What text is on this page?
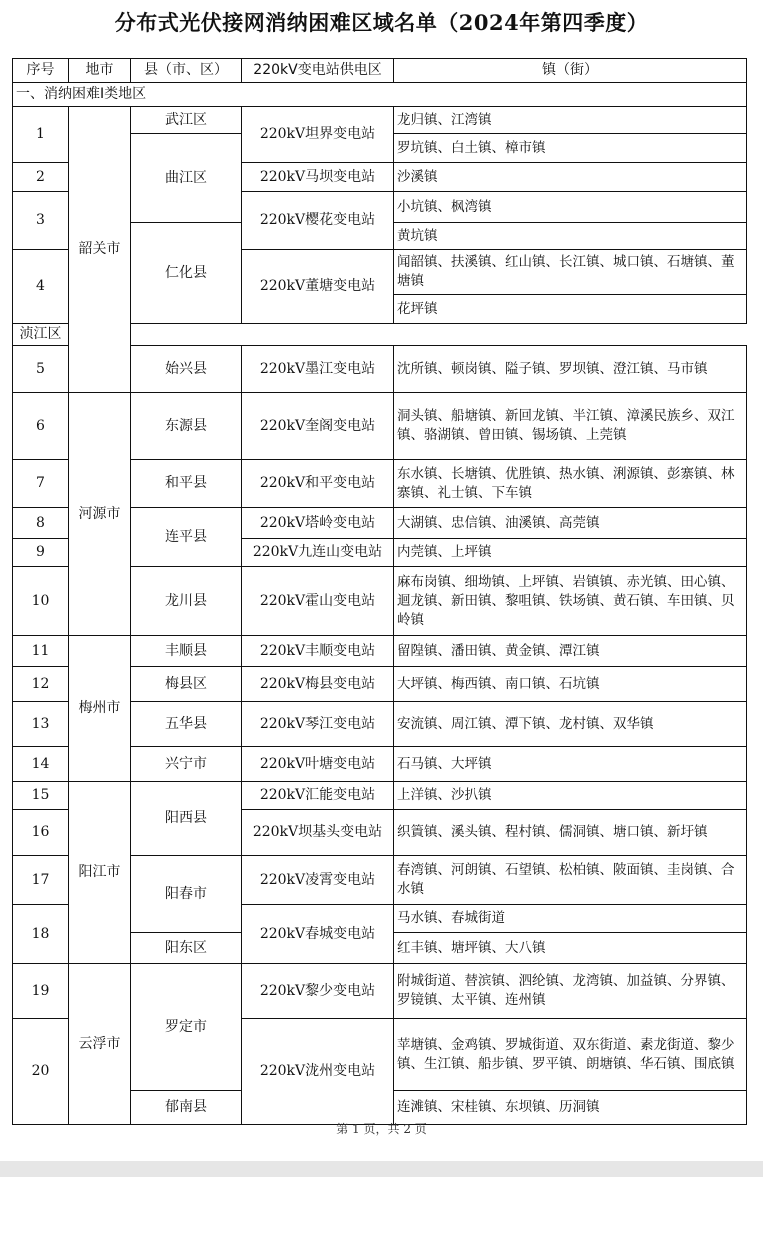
分布式光伏接网消纳困难区域名单（2024年第四季度）
序号	地市	县（市、区）	220kV变电站供电区	镇（街）
一、消纳困难I类地区				
1	韶关市	武江区	220kV坦界变电站	龙归镇、江湾镇
		曲江区		罗坑镇、白土镇、樟市镇
2			220kV马坝变电站	沙溪镇
3			220kV樱花变电站	小坑镇、枫湾镇
		仁化县		黄坑镇
4			220kV董塘变电站	闻韶镇、扶溪镇、红山镇、长江镇、城口镇、石塘镇、董塘镇
				花坪镇
浈江区				
5		始兴县	220kV墨江变电站	沈所镇、顿岗镇、隘子镇、罗坝镇、澄江镇、马市镇

6	河源市	东源县	220kV奎阁变电站	洞头镇、船塘镇、新回龙镇、半江镇、漳溪民族乡、双江镇、骆湖镇、曾田镇、锡场镇、上莞镇
7		和平县	220kV和平变电站	东水镇、长塘镇、优胜镇、热水镇、浰源镇、彭寨镇、林寨镇、礼士镇、下车镇
8		连平县	220kV塔岭变电站	大湖镇、忠信镇、油溪镇、高莞镇
9			220kV九连山变电站	内莞镇、上坪镇
10		龙川县	220kV霍山变电站	麻布岗镇、细坳镇、上坪镇、岩镇镇、赤光镇、田心镇、迴龙镇、新田镇、黎咀镇、铁场镇、黄石镇、车田镇、贝岭镇
11	梅州市	丰顺县	220kV丰顺变电站	留隍镇、潘田镇、黄金镇、潭江镇
12		梅县区	220kV梅县变电站	大坪镇、梅西镇、南口镇、石坑镇
13		五华县	220kV琴江变电站	安流镇、周江镇、潭下镇、龙村镇、双华镇
14		兴宁市	220kV叶塘变电站	石马镇、大坪镇
15	阳江市	阳西县	220kV汇能变电站	上洋镇、沙扒镇
16			220kV坝基头变电站	织篢镇、溪头镇、程村镇、儒洞镇、塘口镇、新圩镇
17		阳春市	220kV凌霄变电站	春湾镇、河朗镇、石望镇、松柏镇、陂面镇、圭岗镇、合水镇
18			220kV春城变电站	马水镇、春城街道
		阳东区		红丰镇、塘坪镇、大八镇

19	云浮市	罗定市	220kV黎少变电站	附城街道、替滨镇、泗纶镇、龙湾镇、加益镇、分界镇、罗镜镇、太平镇、连州镇
20			220kV泷州变电站	苹塘镇、金鸡镇、罗城街道、双东街道、素龙街道、黎少镇、生江镇、船步镇、罗平镇、朗塘镇、华石镇、围底镇
		郁南县		连滩镇、宋桂镇、东坝镇、历洞镇
第 1 页，共 2 页
